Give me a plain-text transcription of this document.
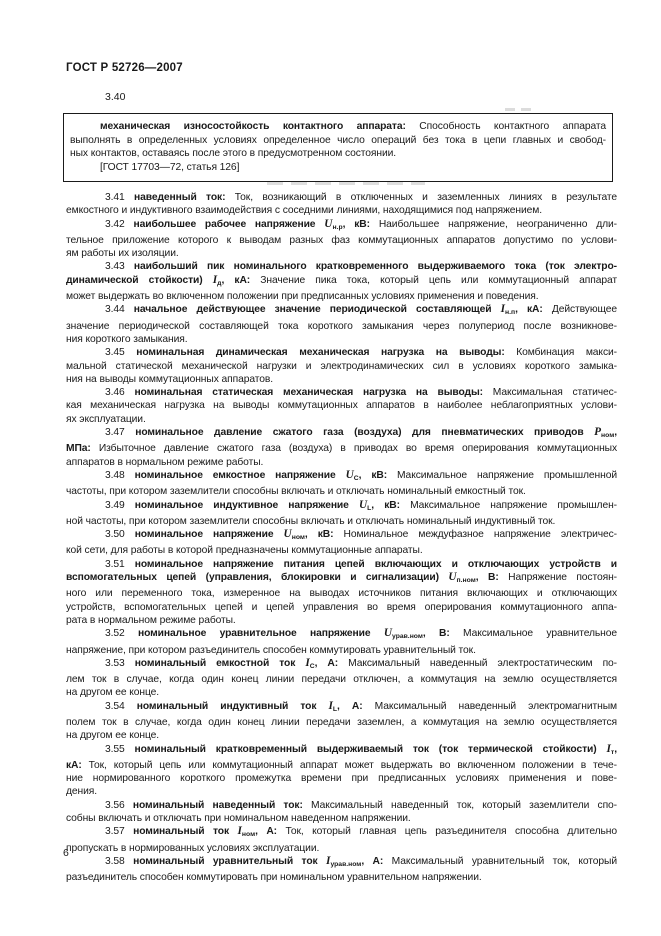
ГОСТ Р 52726—2007
3.40
механическая износостойкость контактного аппарата: Способность контактного аппарата
выполнять в определенных условиях определенное число операций без тока в цепи главных и свобод-
ных контактов, оставаясь после этого в предусмотренном состоянии.
[ГОСТ 17703—72, статья 126]
3.41 наведенный ток: Ток, возникающий в отключенных и заземленных линиях в результате
емкостного и индуктивного взаимодействия с соседними линиями, находящимися под напряжением.
3.42 наибольшее рабочее напряжение Uн.р, кВ: Наибольшее напряжение, неограниченно дли-
тельное приложение которого к выводам разных фаз коммутационных аппаратов допустимо по услови-
ям работы их изоляции.
3.43 наибольший пик номинального кратковременного выдерживаемого тока (ток электро-
динамической стойкости) Iд, кА: Значение пика тока, который цепь или коммутационный аппарат
может выдержать во включенном положении при предписанных условиях применения и поведения.
3.44 начальное действующее значение периодической составляющей Iн.п, кА: Действующее
значение периодической составляющей тока короткого замыкания через полупериод после возникнове-
ния короткого замыкания.
3.45 номинальная динамическая механическая нагрузка на выводы: Комбинация макси-
мальной статической механической нагрузки и электродинамических сил в условиях короткого замыка-
ния на выводы коммутационных аппаратов.
3.46 номинальная статическая механическая нагрузка на выводы: Максимальная статичес-
кая механическая нагрузка на выводы коммутационных аппаратов в наиболее неблагоприятных услови-
ях эксплуатации.
3.47 номинальное давление сжатого газа (воздуха) для пневматических приводов Pном,
МПа: Избыточное давление сжатого газа (воздуха) в приводах во время оперирования коммутационных
аппаратов в нормальном режиме работы.
3.48 номинальное емкостное напряжение UC, кВ: Максимальное напряжение промышленной
частоты, при котором заземлители способны включать и отключать номинальный емкостный ток.
3.49 номинальное индуктивное напряжение UL, кВ: Максимальное напряжение промышлен-
ной частоты, при котором заземлители способны включать и отключать номинальный индуктивный ток.
3.50 номинальное напряжение Uном, кВ: Номинальное междуфазное напряжение электричес-
кой сети, для работы в которой предназначены коммутационные аппараты.
3.51 номинальное напряжение питания цепей включающих и отключающих устройств и
вспомогательных цепей (управления, блокировки и сигнализации) Uп.ном, В: Напряжение постоян-
ного или переменного тока, измеренное на выводах источников питания включающих и отключающих
устройств, вспомогательных цепей и цепей управления во время оперирования коммутационного аппа-
рата в нормальном режиме работы.
3.52 номинальное уравнительное напряжение Uурав.ном, В: Максимальное уравнительное
напряжение, при котором разъединитель способен коммутировать уравнительный ток.
3.53 номинальный емкостной ток IC, А: Максимальный наведенный электростатическим по-
лем ток в случае, когда один конец линии передачи отключен, а коммутация на землю осуществляется
на другом ее конце.
3.54 номинальный индуктивный ток IL, А: Максимальный наведенный электромагнитным
полем ток в случае, когда один конец линии передачи заземлен, а коммутация на землю осуществляется
на другом ее конце.
3.55 номинальный кратковременный выдерживаемый ток (ток термической стойкости) Iт,
кА: Ток, который цепь или коммутационный аппарат может выдержать во включенном положении в тече-
ние нормированного короткого промежутка времени при предписанных условиях применения и пове-
дения.
3.56 номинальный наведенный ток: Максимальный наведенный ток, который заземлители спо-
собны включать и отключать при номинальном наведенном напряжении.
3.57 номинальный ток Iном, А: Ток, который главная цепь разъединителя способна длительно
пропускать в нормированных условиях эксплуатации.
3.58 номинальный уравнительный ток Iурав.ном, А: Максимальный уравнительный ток, который
разъединитель способен коммутировать при номинальном уравнительном напряжении.
6
